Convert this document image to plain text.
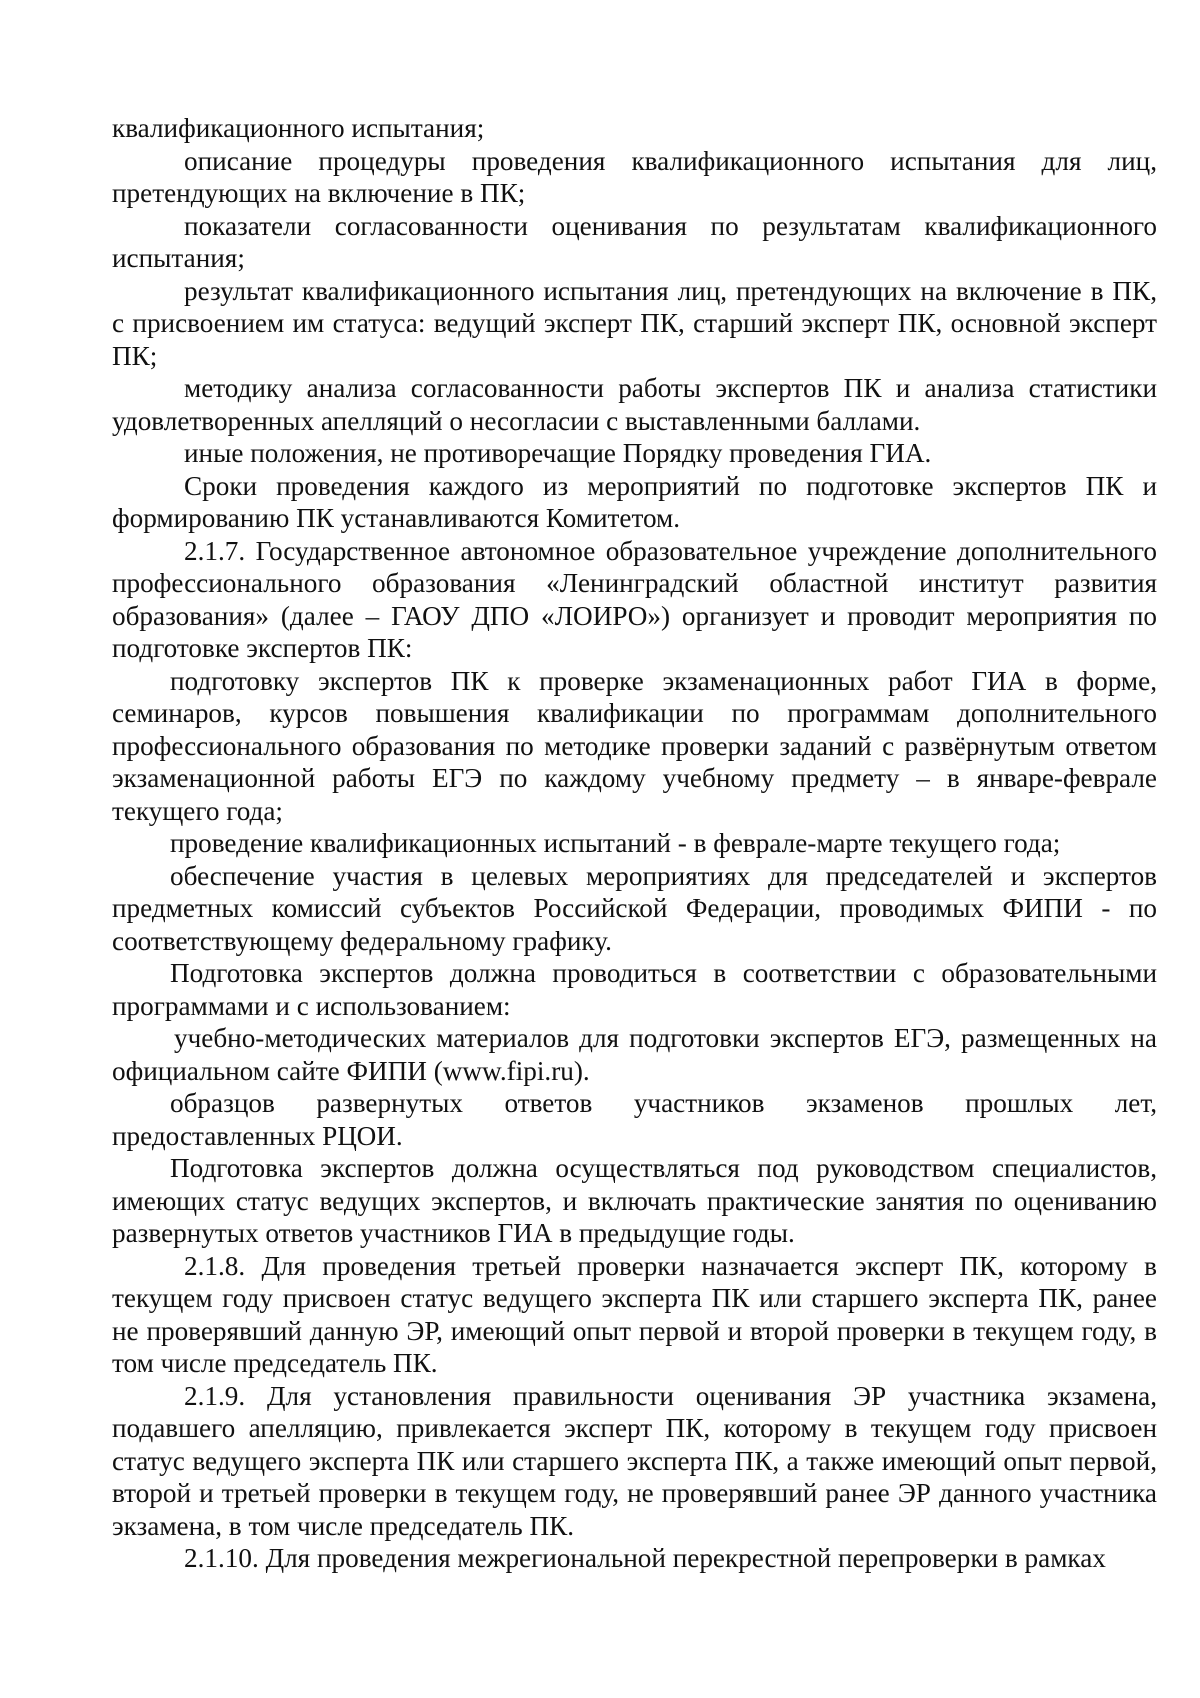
квалификационного испытания;

описание процедуры проведения квалификационного испытания для лиц, претендующих на включение в ПК;

показатели согласованности оценивания по результатам квалификационного испытания;

результат квалификационного испытания лиц, претендующих на включение в ПК, с присвоением им статуса: ведущий эксперт ПК, старший эксперт ПК, основной эксперт ПК;

методику анализа согласованности работы экспертов ПК и анализа статистики удовлетворенных апелляций о несогласии с выставленными баллами.

иные положения, не противоречащие Порядку проведения ГИА.

Сроки проведения каждого из мероприятий по подготовке экспертов ПК и формированию ПК устанавливаются Комитетом.

2.1.7. Государственное автономное образовательное учреждение дополнительного профессионального образования «Ленинградский областной институт развития образования» (далее – ГАОУ ДПО «ЛОИРО») организует и проводит мероприятия по подготовке экспертов ПК:

подготовку экспертов ПК к проверке экзаменационных работ ГИА в форме, семинаров, курсов повышения квалификации по программам дополнительного профессионального образования по методике проверки заданий с развёрнутым ответом экзаменационной работы ЕГЭ по каждому учебному предмету – в январе-феврале текущего года;

проведение квалификационных испытаний - в феврале-марте текущего года;

обеспечение участия в целевых мероприятиях для председателей и экспертов предметных комиссий субъектов Российской Федерации, проводимых ФИПИ - по соответствующему федеральному графику.

Подготовка экспертов должна проводиться в соответствии с образовательными программами и с использованием:

учебно-методических материалов для подготовки экспертов ЕГЭ, размещенных на официальном сайте ФИПИ (www.fipi.ru).

образцов развернутых ответов участников экзаменов прошлых лет, предоставленных РЦОИ.

Подготовка экспертов должна осуществляться под руководством специалистов, имеющих статус ведущих экспертов, и включать практические занятия по оцениванию развернутых ответов участников ГИА в предыдущие годы.

2.1.8. Для проведения третьей проверки назначается эксперт ПК, которому в текущем году присвоен статус ведущего эксперта ПК или старшего эксперта ПК, ранее не проверявший данную ЭР, имеющий опыт первой и второй проверки в текущем году, в том числе председатель ПК.

2.1.9. Для установления правильности оценивания ЭР участника экзамена, подавшего апелляцию, привлекается эксперт ПК, которому в текущем году присвоен статус ведущего эксперта ПК или старшего эксперта ПК, а также имеющий опыт первой, второй и третьей проверки в текущем году, не проверявший ранее ЭР данного участника экзамена, в том числе председатель ПК.

2.1.10. Для проведения межрегиональной перекрестной перепроверки в рамках
